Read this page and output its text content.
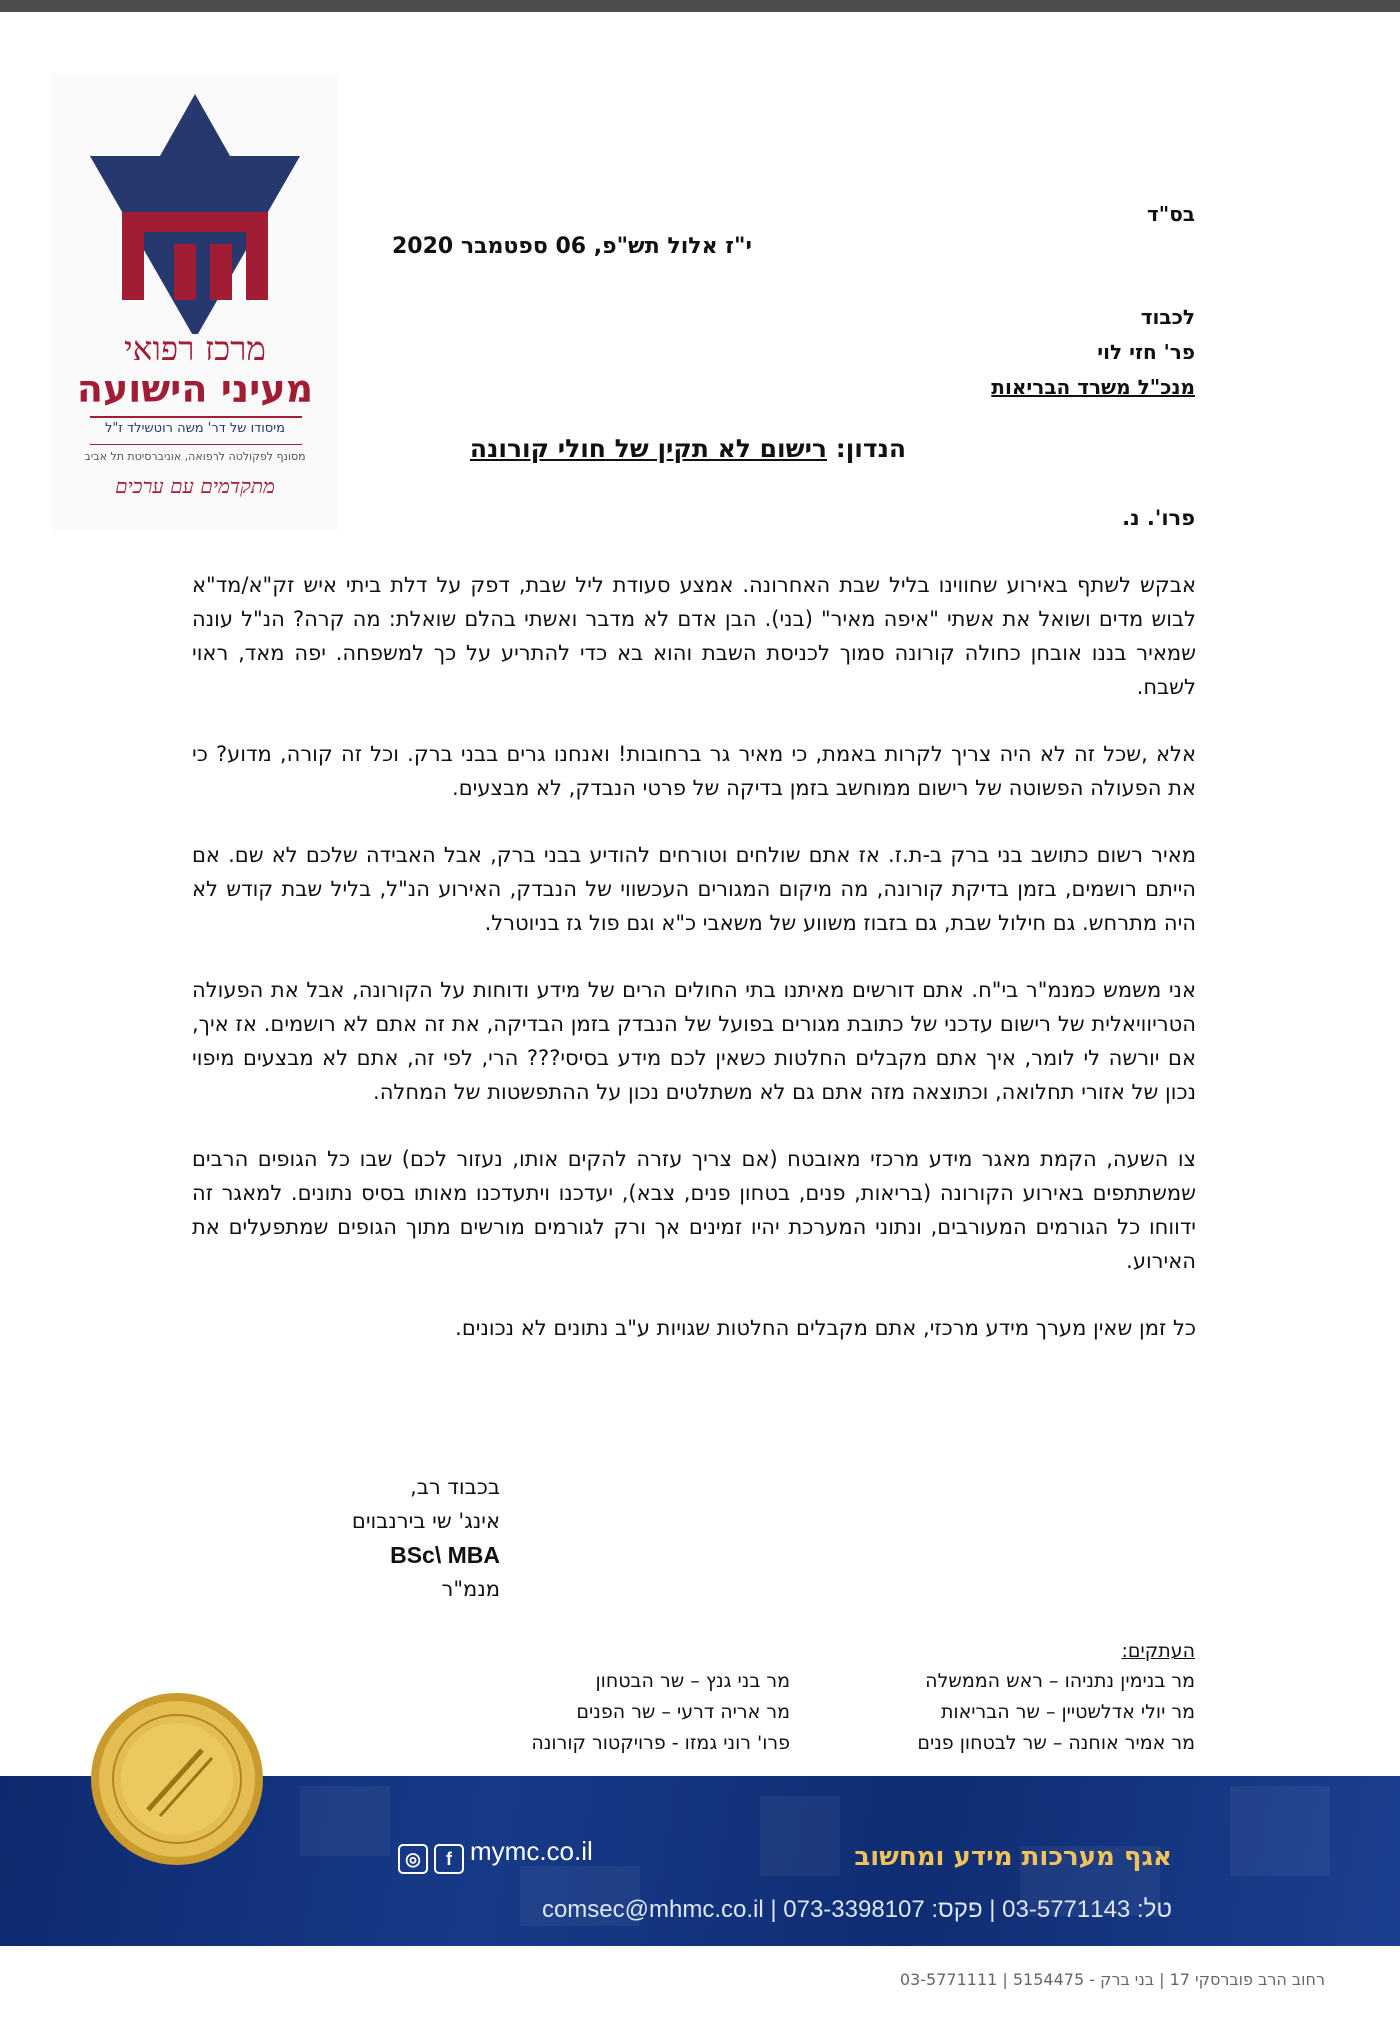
מרכז רפואי
מעיני הישועה
מיסודו של דר' משה רוטשילד ז"ל
מסונף לפקולטה לרפואה, אוניברסיטת תל אביב
מתקדמים עם ערכים
בס"ד
י"ז אלול תש"פ, 06 ספטמבר 2020
לכבוד
פר' חזי לוי
מנכ"ל משרד הבריאות
הנדון: רישום לא תקין של חולי קורונה
פרו'. נ.

אבקש לשתף באירוע שחווינו בליל שבת האחרונה. אמצע סעודת ליל שבת, דפק על דלת ביתי איש זק"א/מד"א לבוש מדים ושואל את אשתי "איפה מאיר" (בני). הבן אדם לא מדבר ואשתי בהלם שואלת: מה קרה? הנ"ל עונה שמאיר בננו אובחן כחולה קורונה סמוך לכניסת השבת והוא בא כדי להתריע על כך למשפחה. יפה מאד, ראוי לשבח.

אלא ,שכל זה לא היה צריך לקרות באמת, כי מאיר גר ברחובות! ואנחנו גרים בבני ברק. וכל זה קורה, מדוע? כי את הפעולה הפשוטה של רישום ממוחשב בזמן בדיקה של פרטי הנבדק, לא מבצעים.

מאיר רשום כתושב בני ברק ב-ת.ז. אז אתם שולחים וטורחים להודיע בבני ברק, אבל האבידה שלכם לא שם. אם הייתם רושמים, בזמן בדיקת קורונה, מה מיקום המגורים העכשווי של הנבדק, האירוע הנ"ל, בליל שבת קודש לא היה מתרחש. גם חילול שבת, גם בזבוז משווע של משאבי כ"א וגם פול גז בניוטרל.

אני משמש כמנמ"ר בי"ח. אתם דורשים מאיתנו בתי החולים הרים של מידע ודוחות על הקורונה, אבל את הפעולה הטריוויאלית של רישום עדכני של כתובת מגורים בפועל של הנבדק בזמן הבדיקה, את זה אתם לא רושמים. אז איך, אם יורשה לי לומר, איך אתם מקבלים החלטות כשאין לכם מידע בסיסי??? הרי, לפי זה, אתם לא מבצעים מיפוי נכון של אזורי תחלואה, וכתוצאה מזה אתם גם לא משתלטים נכון על ההתפשטות של המחלה.

צו השעה, הקמת מאגר מידע מרכזי מאובטח (אם צריך עזרה להקים אותו, נעזור לכם) שבו כל הגופים הרבים שמשתתפים באירוע הקורונה (בריאות, פנים, בטחון פנים, צבא), יעדכנו ויתעדכנו מאותו בסיס נתונים. למאגר זה ידווחו כל הגורמים המעורבים, ונתוני המערכת יהיו זמינים אך ורק לגורמים מורשים מתוך הגופים שמתפעלים את האירוע.

כל זמן שאין מערך מידע מרכזי, אתם מקבלים החלטות שגויות ע"ב נתונים לא נכונים.

בכבוד רב,
אינג' שי בירנבוים
BSc\ MBA
מנמ"ר
העתקים:
מר בנימין נתניהו – ראש הממשלה
מר יולי אדלשטיין – שר הבריאות
מר אמיר אוחנה – שר לבטחון פנים
מר בני גנץ – שר הבטחון
מר אריה דרעי – שר הפנים
פרו' רוני גמזו - פרויקטור קורונה
◎	f mymc.co.il	אגף מערכות מידע ומחשוב
טל: 03-5771143 | פקס: 073-3398107 | comsec@mhmc.co.il
רחוב הרב פוברסקי 17 | בני ברק - 5154475 | 03-5771111
